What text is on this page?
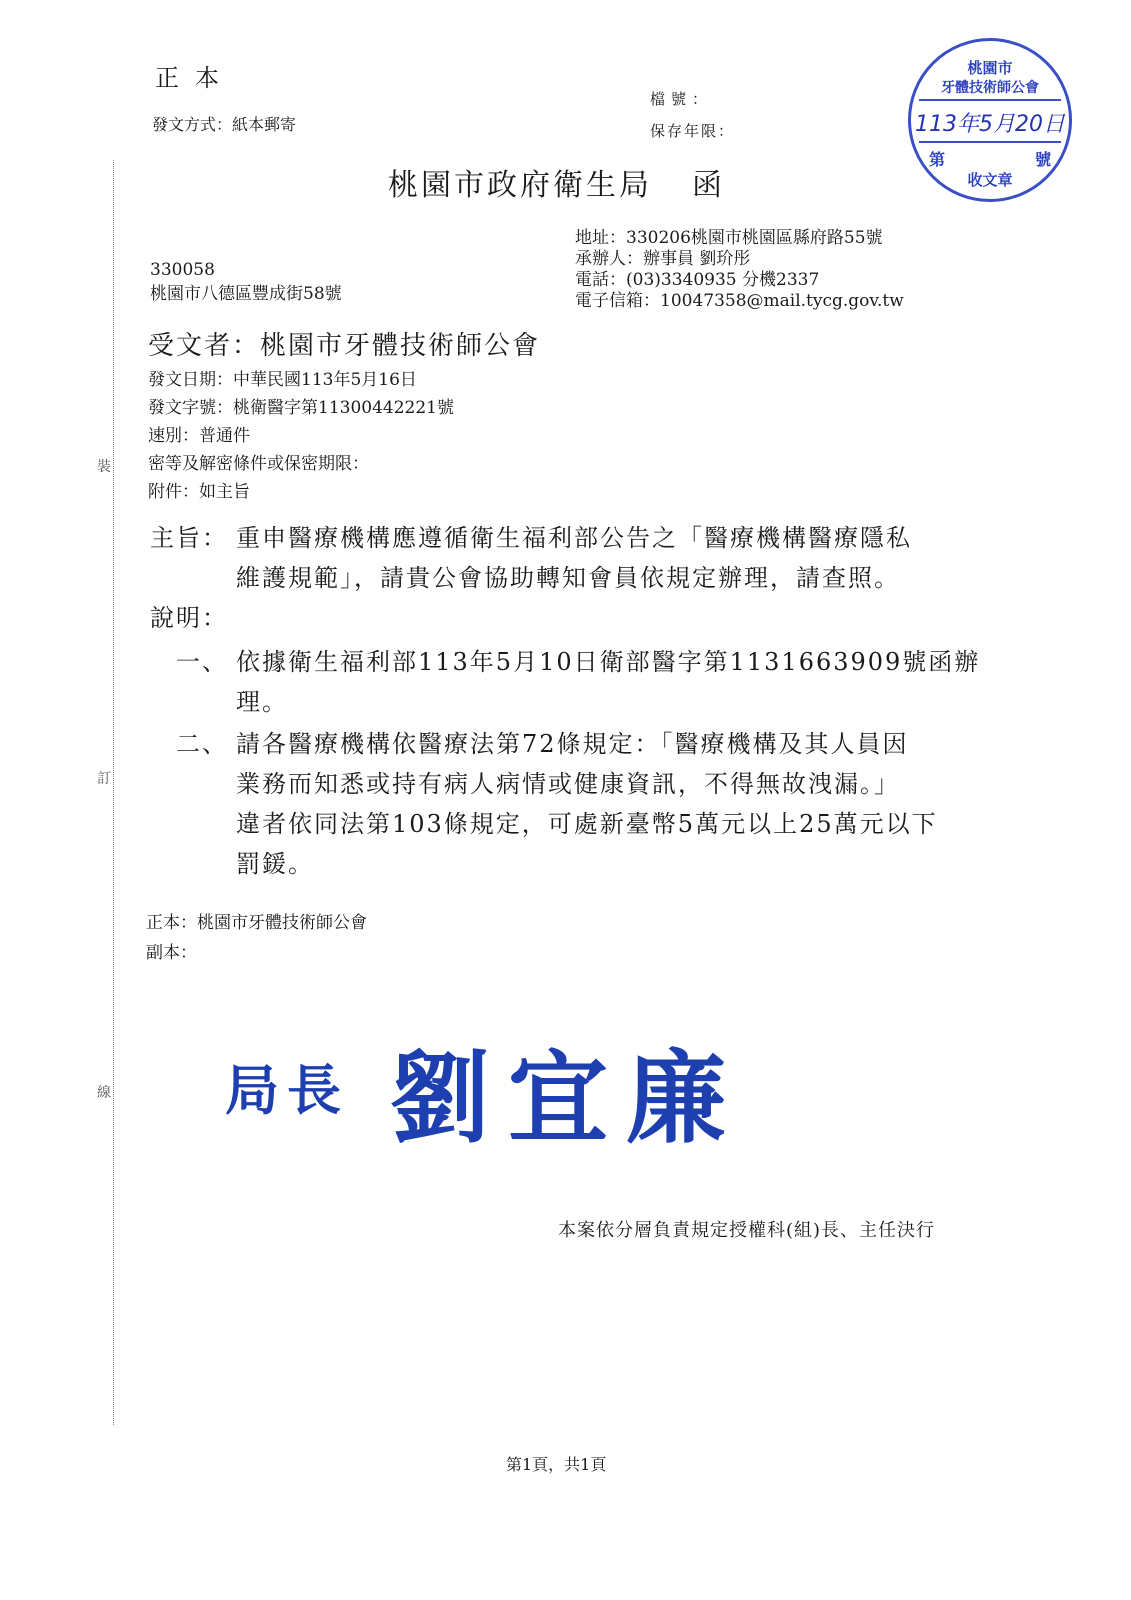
裝
訂
線
正本
發文方式：紙本郵寄
檔號：
保存年限：
桃園市
牙體技術師公會
113年5月20日
第	號
收文章
桃園市政府衛生局 函
地址：330206桃園市桃園區縣府路55號
承辦人：辦事員 劉玠彤
電話：(03)3340935 分機2337
電子信箱：10047358@mail.tycg.gov.tw
330058
桃園市八德區豐成街58號
受文者：桃園市牙體技術師公會
發文日期：中華民國113年5月16日
發文字號：桃衛醫字第11300442221號
速別：普通件
密等及解密條件或保密期限：
附件：如主旨
主旨： 重申醫療機構應遵循衛生福利部公告之「醫療機構醫療隱私
維護規範」，請貴公會協助轉知會員依規定辦理，請查照。
說明：
一、 依據衛生福利部113年5月10日衛部醫字第1131663909號函辦
理。
二、 請各醫療機構依醫療法第72條規定：「醫療機構及其人員因
業務而知悉或持有病人病情或健康資訊，不得無故洩漏。」
違者依同法第103條規定，可處新臺幣5萬元以上25萬元以下
罰鍰。
正本：桃園市牙體技術師公會
副本：
局長 劉宜廉
本案依分層負責規定授權科(組)長、主任決行
第1頁，共1頁
